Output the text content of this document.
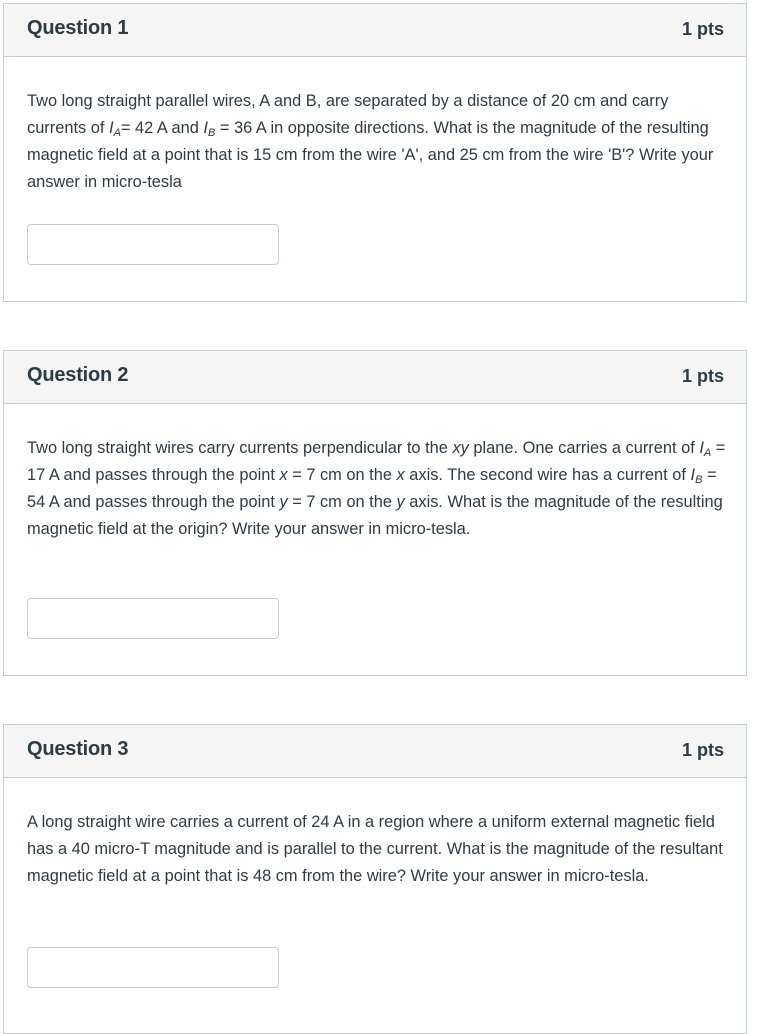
Question 1	1 pts
Two long straight parallel wires, A and B, are separated by a distance of 20 cm and carry currents of $I_A= 42$ A and $I_B = 36$ A in opposite directions. What is the magnitude of the resulting magnetic field at a point that is 15 cm from the wire 'A', and 25 cm from the wire 'B'? Write your answer in micro-tesla
Question 2	1 pts
Two long straight wires carry currents perpendicular to the xy plane. One carries a current of $I_A = 17$ A and passes through the point x = 7 cm on the x axis. The second wire has a current of $I_B = 54$ A and passes through the point y = 7 cm on the y axis. What is the magnitude of the resulting magnetic field at the origin? Write your answer in micro-tesla.
Question 3	1 pts
A long straight wire carries a current of 24 A in a region where a uniform external magnetic field has a 40 micro-T magnitude and is parallel to the current. What is the magnitude of the resultant magnetic field at a point that is 48 cm from the wire? Write your answer in micro-tesla.
